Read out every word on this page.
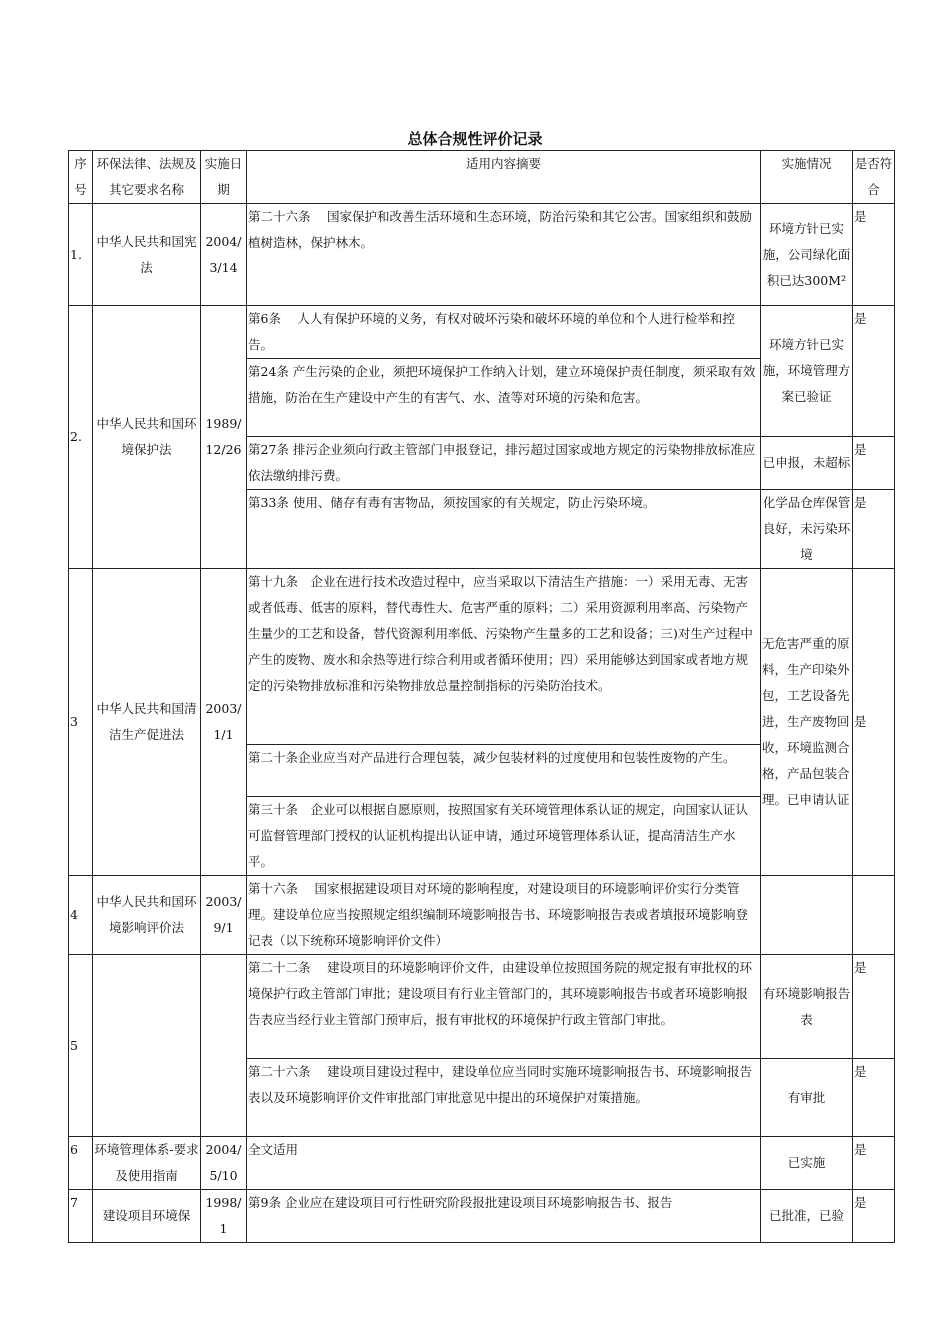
总体合规性评价记录
序号	环保法律、法规及其它要求名称	实施日期	适用内容摘要	实施情况	是否符合
1.	中华人民共和国宪法	2004/3/14	第二十六条　 国家保护和改善生活环境和生态环境，防治污染和其它公害。国家组织和鼓励植树造林，保护林木。	环境方针已实施，公司绿化面积已达300M²	是
2.	中华人民共和国环境保护法	1989/12/26	第6条　 人人有保护环境的义务，有权对破坏污染和破坏环境的单位和个人进行检举和控告。	环境方针已实施，环境管理方案已验证	是
			第24条 产生污染的企业，须把环境保护工作纳入计划，建立环境保护责任制度，须采取有效措施，防治在生产建设中产生的有害气、水、渣等对环境的污染和危害。		
			第27条 排污企业须向行政主管部门申报登记，排污超过国家或地方规定的污染物排放标准应依法缴纳排污费。	已申报，未超标	是
			第33条 使用、储存有毒有害物品，须按国家的有关规定，防止污染环境。	化学品仓库保管良好，未污染环境	是
3	中华人民共和国清洁生产促进法	2003/1/1	第十九条　企业在进行技术改造过程中，应当采取以下清洁生产措施：一）采用无毒、无害或者低毒、低害的原料，替代毒性大、危害严重的原料；二）采用资源利用率高、污染物产生量少的工艺和设备，替代资源利用率低、污染物产生量多的工艺和设备；三)对生产过程中产生的废物、废水和余热等进行综合利用或者循环使用；四）采用能够达到国家或者地方规定的污染物排放标准和污染物排放总量控制指标的污染防治技术。	无危害严重的原料，生产印染外包，工艺设备先进，生产废物回收，环境监测合格，产品包装合理。已申请认证	是
			第二十条企业应当对产品进行合理包装，减少包装材料的过度使用和包装性废物的产生。		
			第三十条　企业可以根据自愿原则，按照国家有关环境管理体系认证的规定，向国家认证认可监督管理部门授权的认证机构提出认证申请，通过环境管理体系认证，提高清洁生产水平。		
4	中华人民共和国环境影响评价法	2003/9/1	第十六条　 国家根据建设项目对环境的影响程度，对建设项目的环境影响评价实行分类管理。建设单位应当按照规定组织编制环境影响报告书、环境影响报告表或者填报环境影响登记表（以下统称环境影响评价文件）		
5			第二十二条　 建设项目的环境影响评价文件，由建设单位按照国务院的规定报有审批权的环境保护行政主管部门审批；建设项目有行业主管部门的，其环境影响报告书或者环境影响报告表应当经行业主管部门预审后，报有审批权的环境保护行政主管部门审批。	有环境影响报告表	是
			第二十六条　 建设项目建设过程中，建设单位应当同时实施环境影响报告书、环境影响报告表以及环境影响评价文件审批部门审批意见中提出的环境保护对策措施。	有审批	是
6	环境管理体系-要求及使用指南	2004/5/10	全文适用	已实施	是
7	建设项目环境保	1998/1	第9条 企业应在建设项目可行性研究阶段报批建设项目环境影响报告书、报告	已批准，已验	是
